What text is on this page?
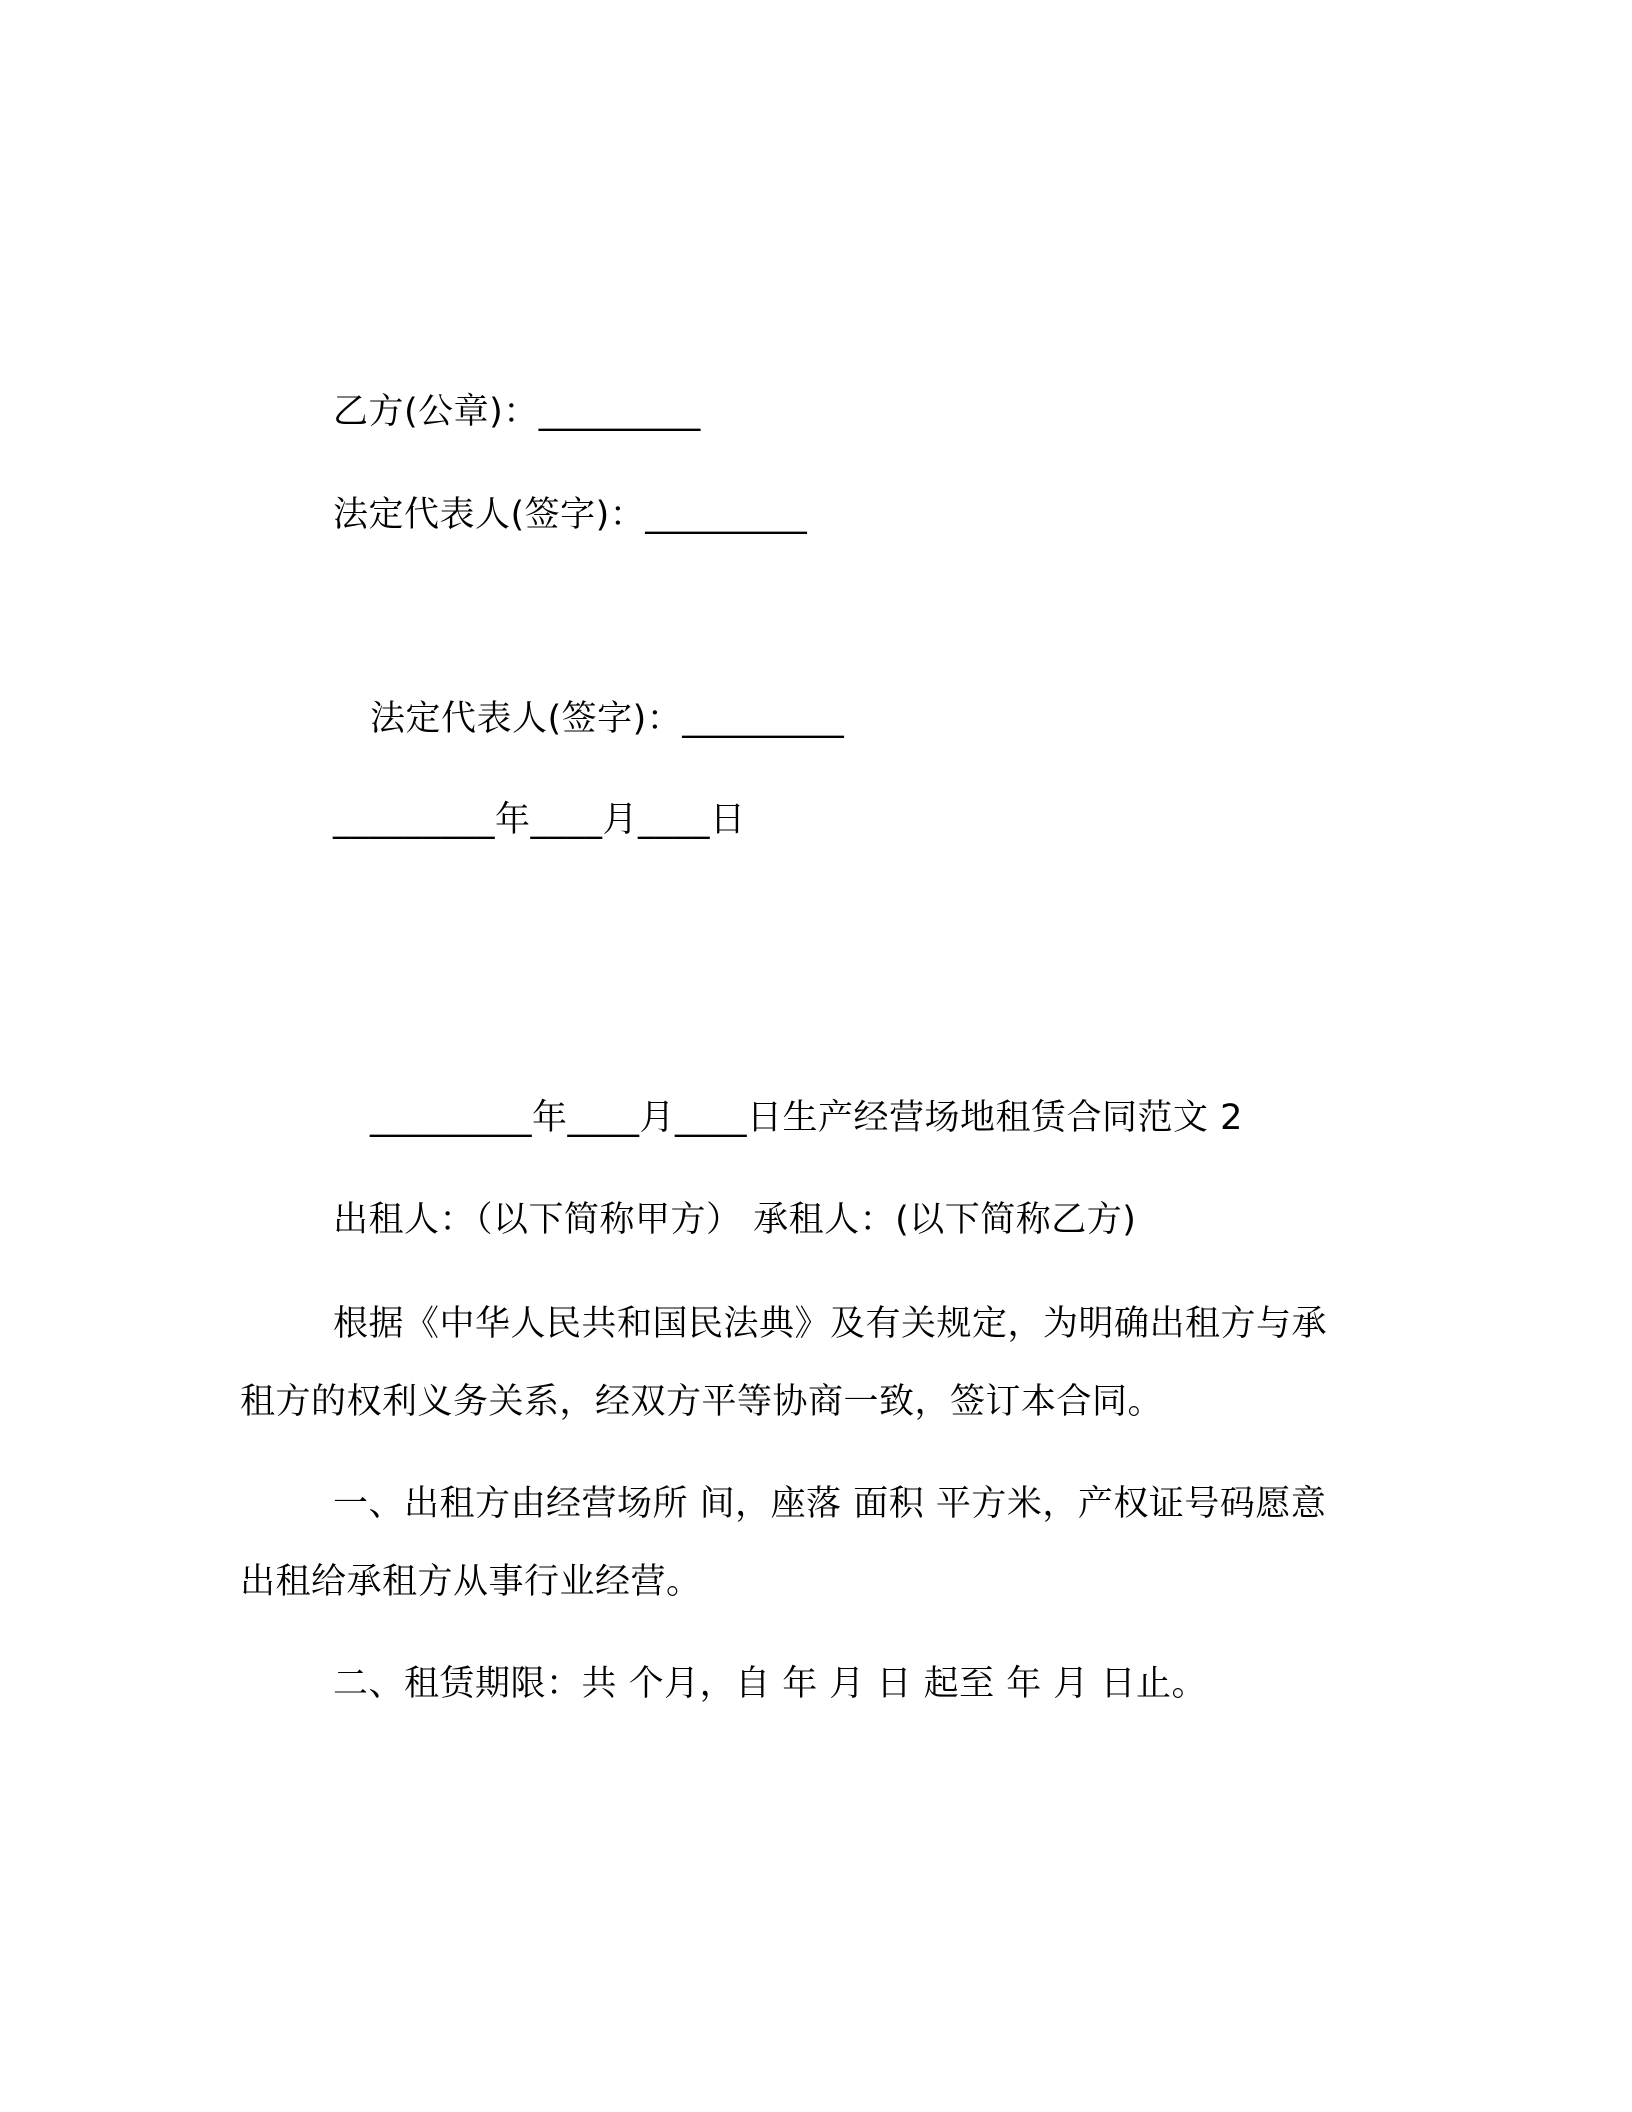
乙方(公章)：_________
法定代表人(签字)：_________
法定代表人(签字)：_________
_________年____月____日
_________年____月____日生产经营场地租赁合同范文 2
出租人：（以下简称甲方） 承租人：(以下简称乙方)
根据《中华人民共和国民法典》及有关规定，为明确出租方与承
租方的权利义务关系，经双方平等协商一致，签订本合同。
一、出租方由经营场所 间，座落 面积 平方米，产权证号码愿意
出租给承租方从事行业经营。
二、租赁期限：共 个月，自 年 月 日 起至 年 月 日止。
